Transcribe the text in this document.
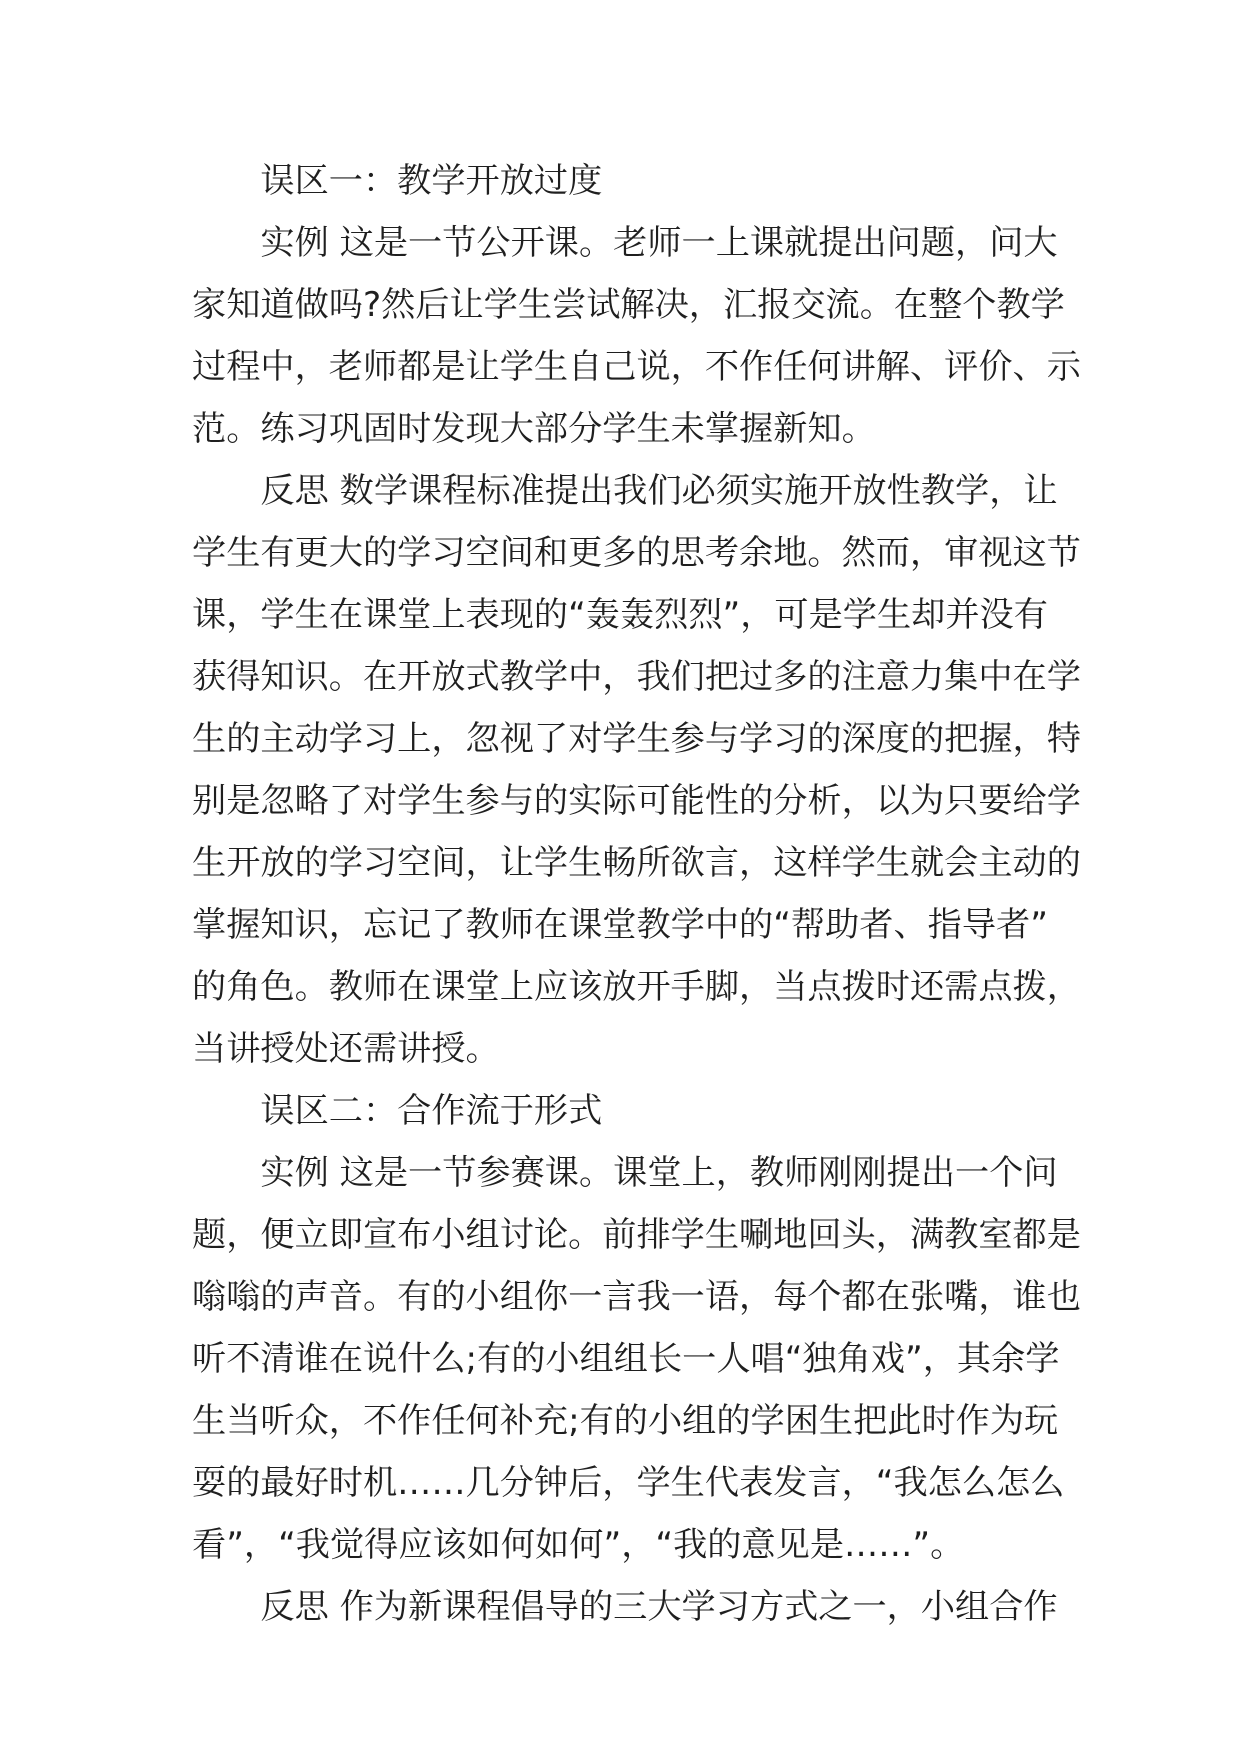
误区一：教学开放过度
实例 这是一节公开课。老师一上课就提出问题，问大
家知道做吗?然后让学生尝试解决，汇报交流。在整个教学
过程中，老师都是让学生自己说，不作任何讲解、评价、示
范。练习巩固时发现大部分学生未掌握新知。
反思 数学课程标准提出我们必须实施开放性教学，让
学生有更大的学习空间和更多的思考余地。然而，审视这节
课，学生在课堂上表现的“轰轰烈烈”，可是学生却并没有
获得知识。在开放式教学中，我们把过多的注意力集中在学
生的主动学习上，忽视了对学生参与学习的深度的把握，特
别是忽略了对学生参与的实际可能性的分析，以为只要给学
生开放的学习空间，让学生畅所欲言，这样学生就会主动的
掌握知识，忘记了教师在课堂教学中的“帮助者、指导者”
的角色。教师在课堂上应该放开手脚，当点拨时还需点拨，
当讲授处还需讲授。
误区二：合作流于形式
实例 这是一节参赛课。课堂上，教师刚刚提出一个问
题，便立即宣布小组讨论。前排学生唰地回头，满教室都是
嗡嗡的声音。有的小组你一言我一语，每个都在张嘴，谁也
听不清谁在说什么;有的小组组长一人唱“独角戏”，其余学
生当听众，不作任何补充;有的小组的学困生把此时作为玩
耍的最好时机……几分钟后，学生代表发言，“我怎么怎么
看”，“我觉得应该如何如何”，“我的意见是……”。
反思 作为新课程倡导的三大学习方式之一，小组合作
